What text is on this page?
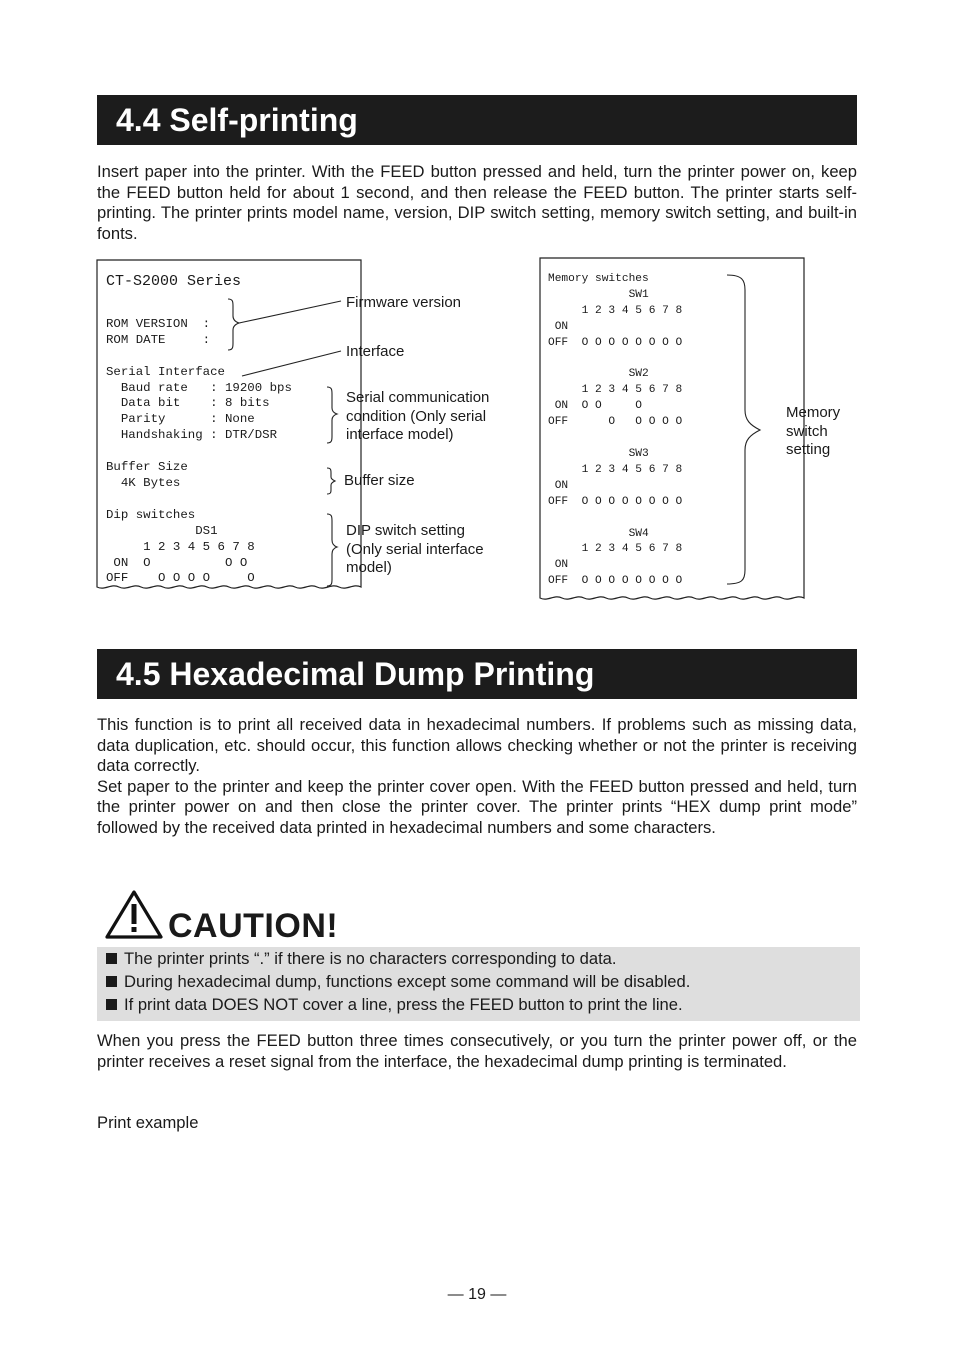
4.4 Self-printing

Insert paper into the printer. With the FEED button pressed and held, turn the printer power on, keep the FEED button held for about 1 second, and then release the FEED button. The printer starts self-printing. The printer prints model name, version, DIP switch setting, memory switch setting, and built-in fonts.

CT-S2000 Series

ROM VERSION  :
ROM DATE     :

Serial Interface
Baud rate   : 19200 bps
Data bit    : 8 bits
Parity      : None
Handshaking : DTR/DSR

Buffer Size
4K Bytes

Dip switches
DS1
1 2 3 4 5 6 7 8
ON  O          O O
OFF    O O O O     O
Firmware version
Interface
Serial communication
condition (Only serial
interface model)
Buffer size
DIP switch setting
(Only serial interface
model)
Memory switches
SW1
1 2 3 4 5 6 7 8
ON
OFF  O O O O O O O O

SW2
1 2 3 4 5 6 7 8
ON  O O     O
OFF      O   O O O O

SW3
1 2 3 4 5 6 7 8
ON
OFF  O O O O O O O O

SW4
1 2 3 4 5 6 7 8
ON
OFF  O O O O O O O O
Memory
switch
setting
4.5 Hexadecimal Dump Printing

This function is to print all received data in hexadecimal numbers. If problems such as missing data, data duplication, etc. should occur, this function allows checking whether or not the printer is receiving data correctly.

Set paper to the printer and keep the printer cover open. With the FEED button pressed and held, turn the printer power on and then close the printer cover. The printer prints “HEX dump print mode” followed by the received data printed in hexadecimal numbers and some characters.

CAUTION!
The printer prints “.” if there is no characters corresponding to data.
During hexadecimal dump, functions except some command will be disabled.
If print data DOES NOT cover a line, press the FEED button to print the line.

When you press the FEED button three times consecutively, or you turn the printer power off, or the printer receives a reset signal from the interface, the hexadecimal dump printing is terminated.

Print example
— 19 —
